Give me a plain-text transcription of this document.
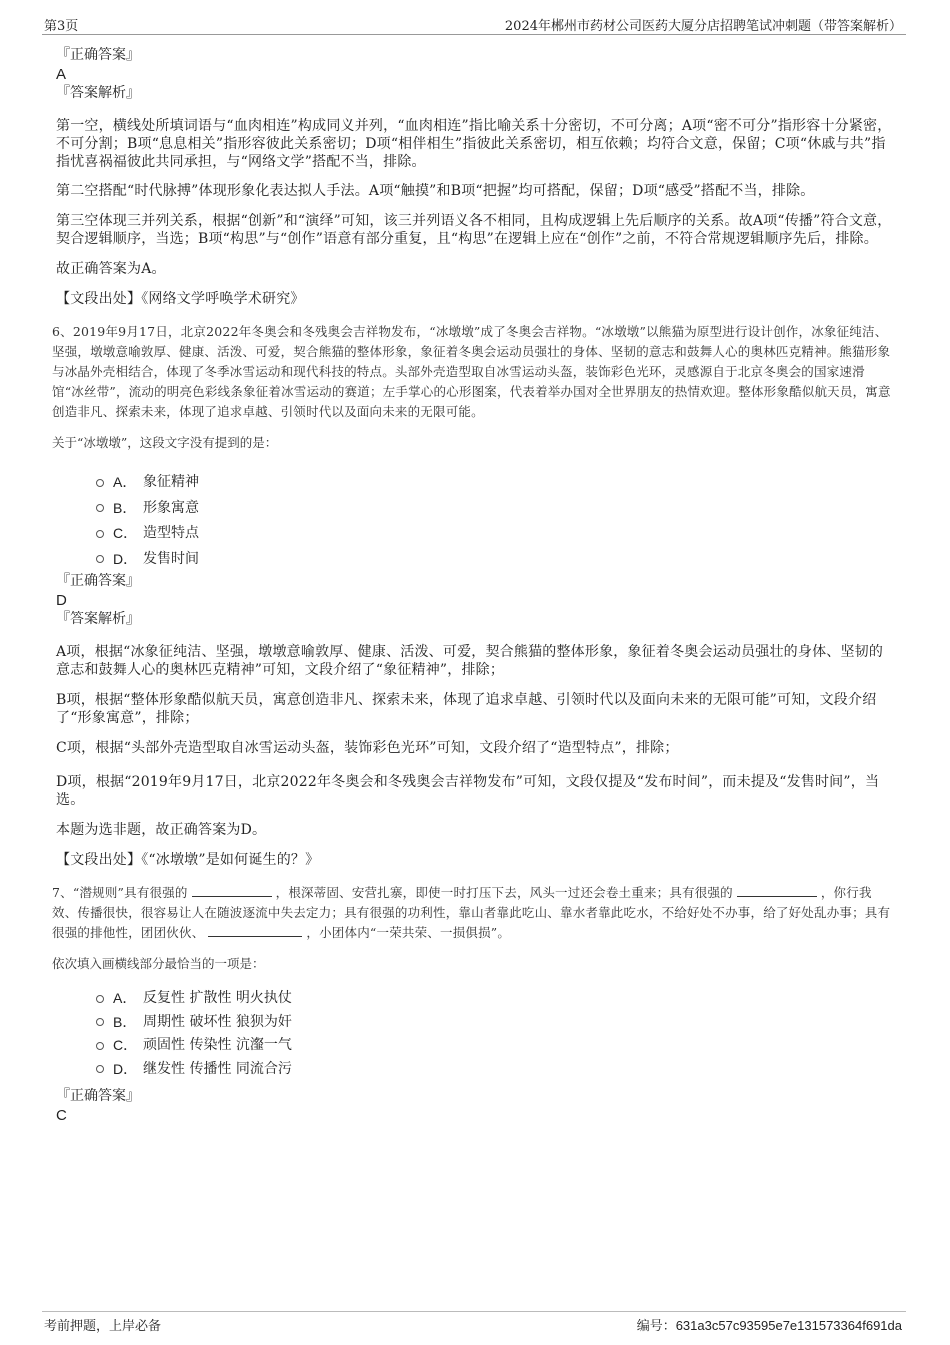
第3页	2024年郴州市药材公司医药大厦分店招聘笔试冲刺题（带答案解析）

『正确答案』

A

『答案解析』

第一空，横线处所填词语与“血肉相连”构成同义并列，“血肉相连”指比喻关系十分密切，不可分离；A项“密不可分”指形容十分紧密，不可分割；B项“息息相关”指形容彼此关系密切；D项“相伴相生”指彼此关系密切，相互依赖；均符合文意，保留；C项“休戚与共”指指忧喜祸福彼此共同承担，与“网络文学”搭配不当，排除。

第二空搭配“时代脉搏”体现形象化表达拟人手法。A项“触摸”和B项“把握”均可搭配，保留；D项“感受”搭配不当，排除。

第三空体现三并列关系，根据“创新”和“演绎”可知，该三并列语义各不相同，且构成逻辑上先后顺序的关系。故A项“传播”符合文意，契合逻辑顺序，当选；B项“构思”与“创作”语意有部分重复，且“构思”在逻辑上应在“创作”之前，不符合常规逻辑顺序先后，排除。

故正确答案为A。

【文段出处】《网络文学呼唤学术研究》

6、2019年9月17日，北京2022年冬奥会和冬残奥会吉祥物发布，“冰墩墩”成了冬奥会吉祥物。“冰墩墩”以熊猫为原型进行设计创作，冰象征纯洁、坚强，墩墩意喻敦厚、健康、活泼、可爱，契合熊猫的整体形象，象征着冬奥会运动员强壮的身体、坚韧的意志和鼓舞人心的奥林匹克精神。熊猫形象与冰晶外壳相结合，体现了冬季冰雪运动和现代科技的特点。头部外壳造型取自冰雪运动头盔，装饰彩色光环，灵感源自于北京冬奥会的国家速滑馆“冰丝带”，流动的明亮色彩线条象征着冰雪运动的赛道；左手掌心的心形图案，代表着举办国对全世界朋友的热情欢迎。整体形象酷似航天员，寓意创造非凡、探索未来，体现了追求卓越、引领时代以及面向未来的无限可能。

关于“冰墩墩”，这段文字没有提到的是：

A． 象征精神
B． 形象寓意
C． 造型特点
D． 发售时间

『正确答案』

D

『答案解析』

A项，根据“冰象征纯洁、坚强，墩墩意喻敦厚、健康、活泼、可爱，契合熊猫的整体形象，象征着冬奥会运动员强壮的身体、坚韧的意志和鼓舞人心的奥林匹克精神”可知，文段介绍了“象征精神”，排除；

B项，根据“整体形象酷似航天员，寓意创造非凡、探索未来，体现了追求卓越、引领时代以及面向未来的无限可能”可知，文段介绍了“形象寓意”，排除；

C项，根据“头部外壳造型取自冰雪运动头盔，装饰彩色光环”可知，文段介绍了“造型特点”，排除；

D项，根据“2019年9月17日，北京2022年冬奥会和冬残奥会吉祥物发布”可知，文段仅提及“发布时间”，而未提及“发售时间”，当选。

本题为选非题，故正确答案为D。

【文段出处】《“冰墩墩”是如何诞生的？》

7、“潜规则”具有很强的	，根深蒂固、安营扎寨，即使一时打压下去，风头一过还会卷土重来；具有很强的	，你行我效、传播很快，很容易让人在随波逐流中失去定力；具有很强的功利性，靠山者靠此吃山、靠水者靠此吃水，不给好处不办事，给了好处乱办事；具有很强的排他性，团团伙伙、	，小团体内“一荣共荣、一损俱损”。

依次填入画横线部分最恰当的一项是：

A． 反复性 扩散性 明火执仗
B． 周期性 破坏性 狼狈为奸
C． 顽固性 传染性 沆瀣一气
D． 继发性 传播性 同流合污

『正确答案』

C

考前押题，上岸必备	编号：631a3c57c93595e7e131573364f691da
